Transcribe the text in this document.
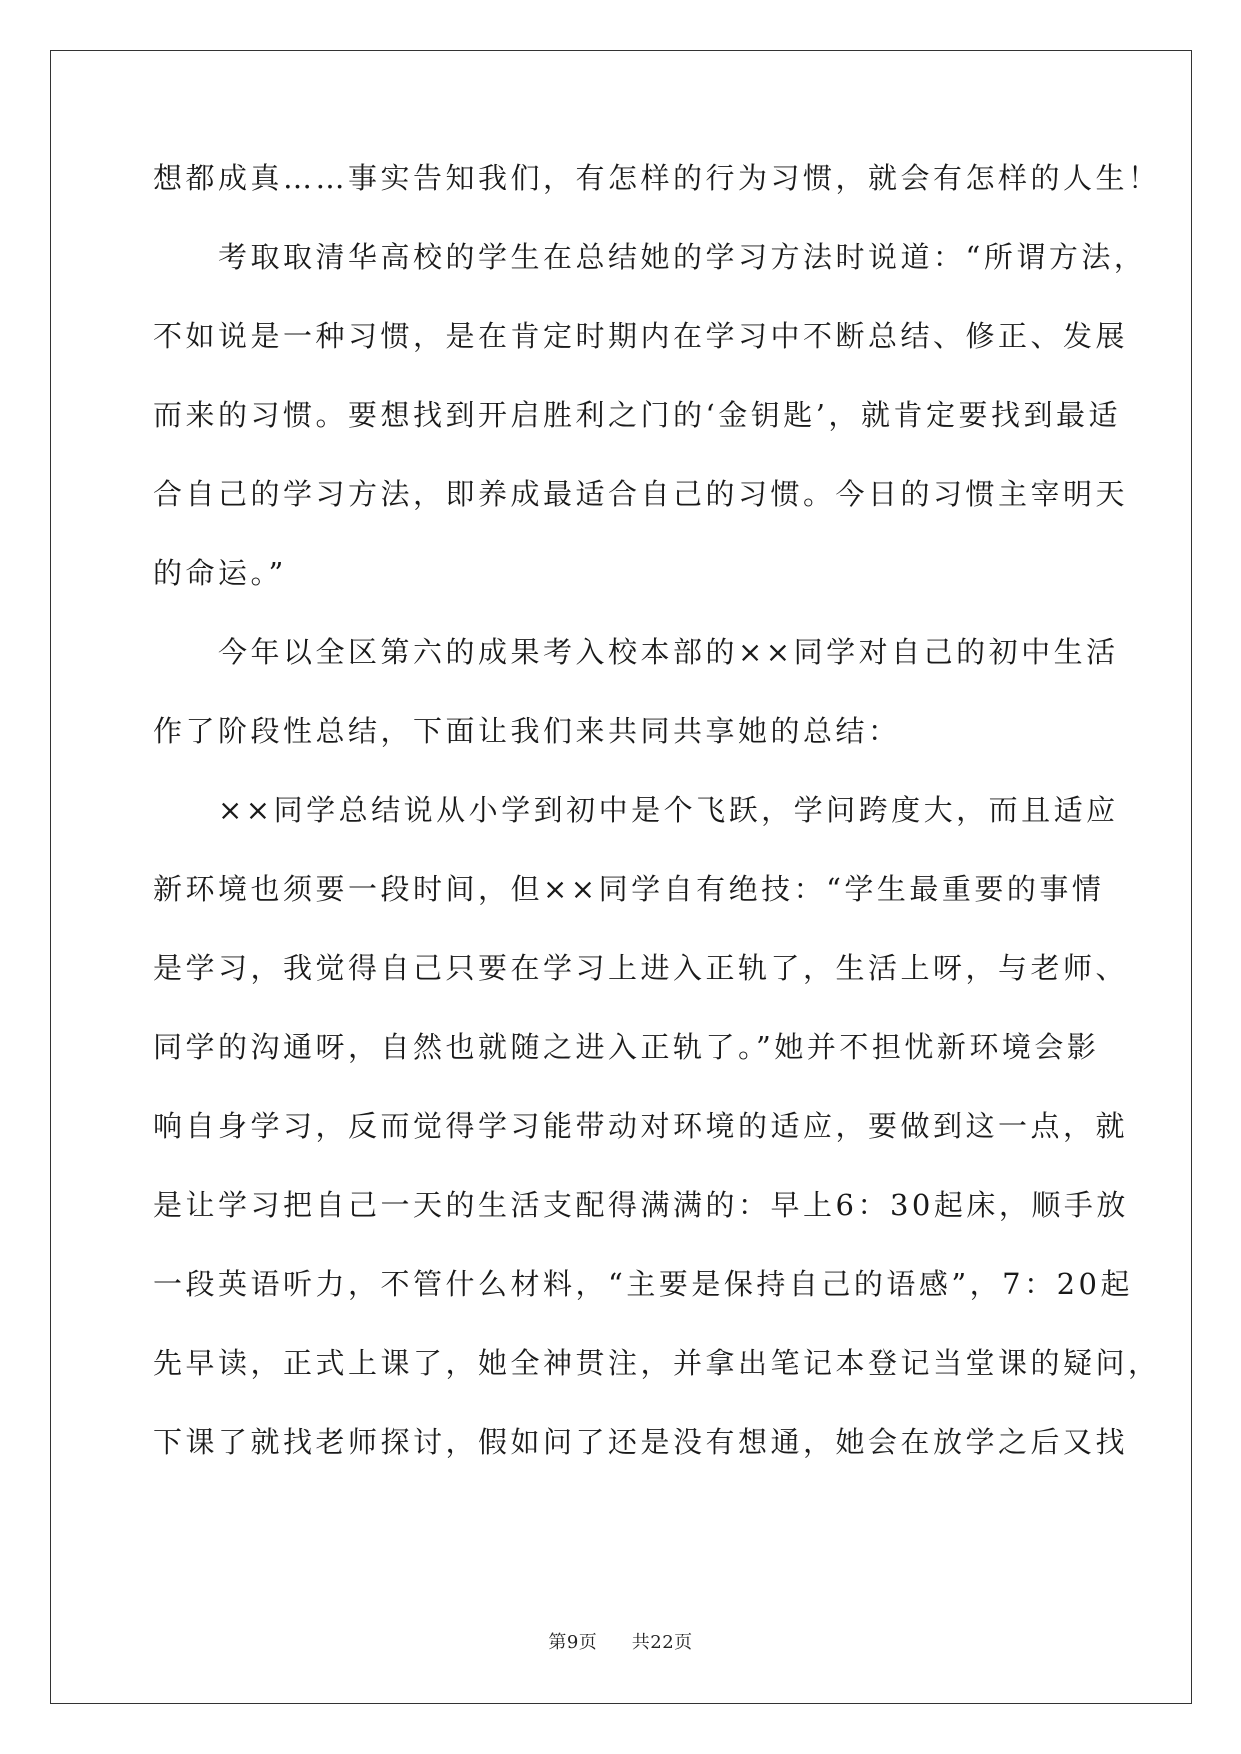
想都成真……事实告知我们，有怎样的行为习惯，就会有怎样的人生！
　　考取取清华高校的学生在总结她的学习方法时说道：“所谓方法，
不如说是一种习惯，是在肯定时期内在学习中不断总结、修正、发展
而来的习惯。要想找到开启胜利之门的‘金钥匙’，就肯定要找到最适
合自己的学习方法，即养成最适合自己的习惯。今日的习惯主宰明天
的命运。”
　　今年以全区第六的成果考入校本部的××同学对自己的初中生活
作了阶段性总结，下面让我们来共同共享她的总结：
　　××同学总结说从小学到初中是个飞跃，学问跨度大，而且适应
新环境也须要一段时间，但××同学自有绝技：“学生最重要的事情
是学习，我觉得自己只要在学习上进入正轨了，生活上呀，与老师、
同学的沟通呀，自然也就随之进入正轨了。”她并不担忧新环境会影
响自身学习，反而觉得学习能带动对环境的适应，要做到这一点，就
是让学习把自己一天的生活支配得满满的：早上6：30起床，顺手放
一段英语听力，不管什么材料，“主要是保持自己的语感”，7：20起
先早读，正式上课了，她全神贯注，并拿出笔记本登记当堂课的疑问，
下课了就找老师探讨，假如问了还是没有想通，她会在放学之后又找
第9页 共22页
